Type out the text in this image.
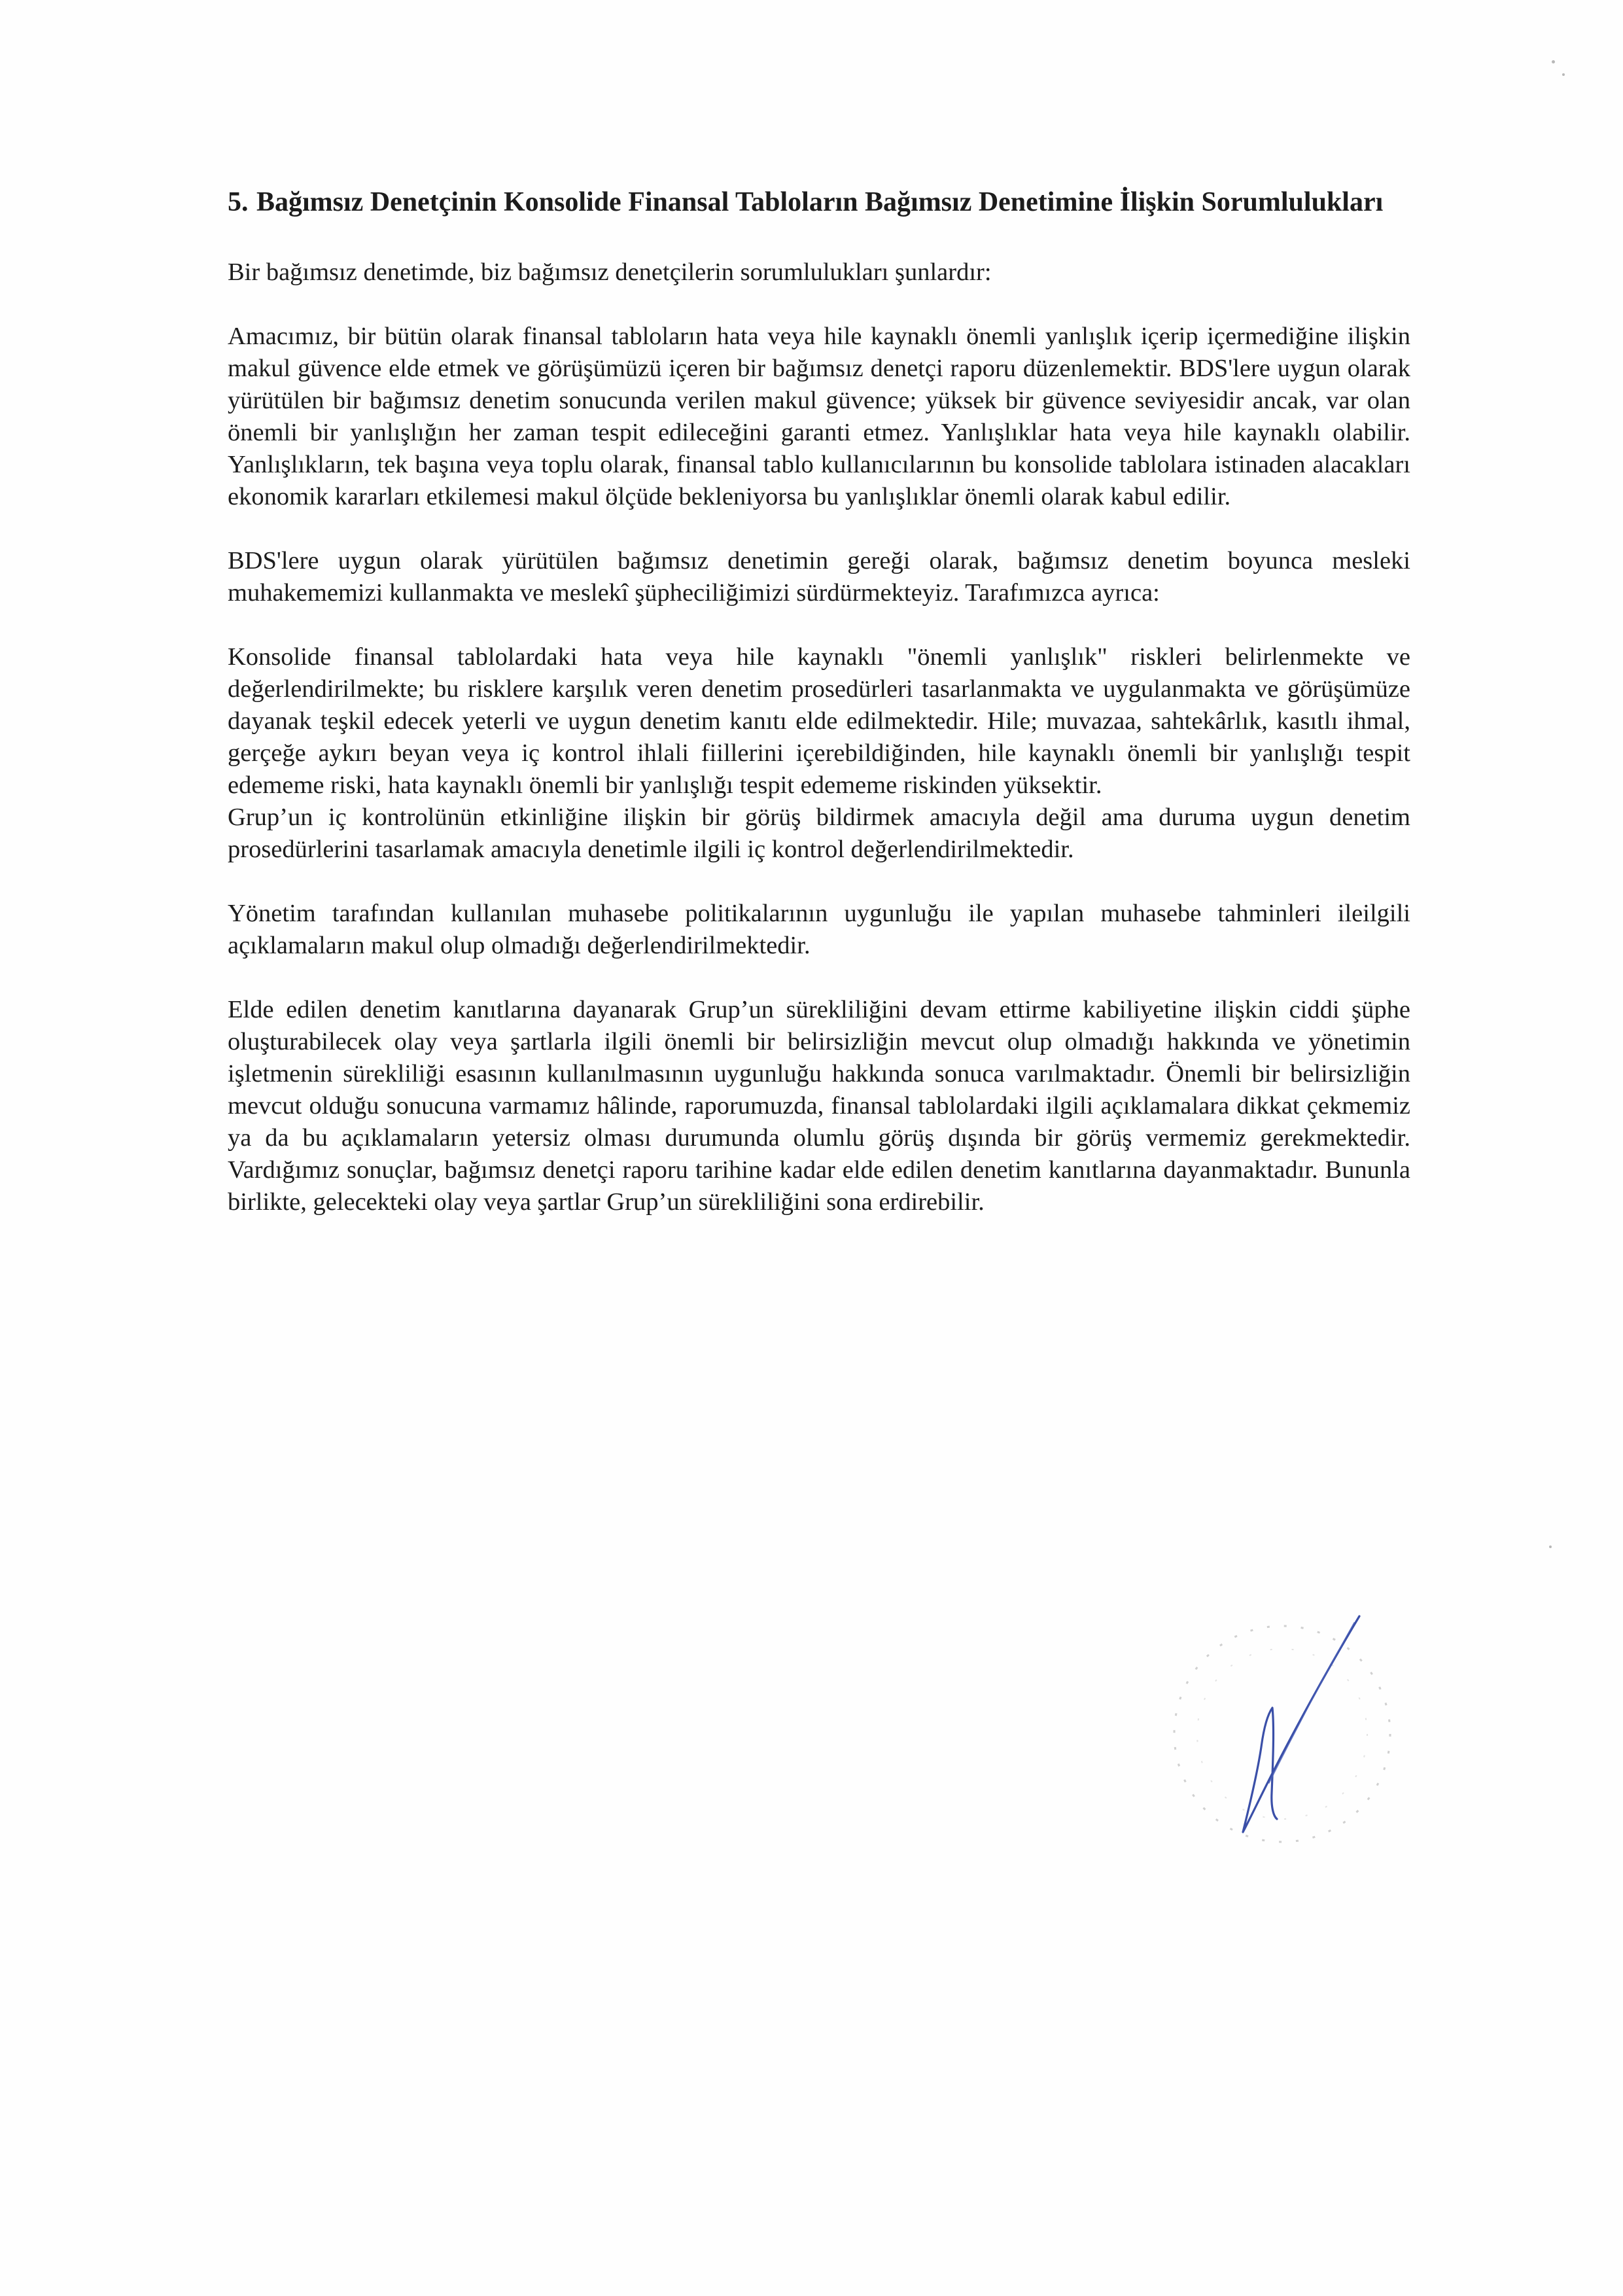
5. Bağımsız Denetçinin Konsolide Finansal Tabloların Bağımsız Denetimine İlişkin Sorumlulukları

Bir bağımsız denetimde, biz bağımsız denetçilerin sorumlulukları şunlardır:

Amacımız, bir bütün olarak finansal tabloların hata veya hile kaynaklı önemli yanlışlık içerip içermediğine ilişkin makul güvence elde etmek ve görüşümüzü içeren bir bağımsız denetçi raporu düzenlemektir. BDS'lere uygun olarak yürütülen bir bağımsız denetim sonucunda verilen makul güvence; yüksek bir güvence seviyesidir ancak, var olan önemli bir yanlışlığın her zaman tespit edileceğini garanti etmez. Yanlışlıklar hata veya hile kaynaklı olabilir. Yanlışlıkların, tek başına veya toplu olarak, finansal tablo kullanıcılarının bu konsolide tablolara istinaden alacakları ekonomik kararları etkilemesi makul ölçüde bekleniyorsa bu yanlışlıklar önemli olarak kabul edilir.

BDS'lere uygun olarak yürütülen bağımsız denetimin gereği olarak, bağımsız denetim boyunca mesleki muhakememizi kullanmakta ve meslekî şüpheciliğimizi sürdürmekteyiz. Tarafımızca ayrıca:

Konsolide finansal tablolardaki hata veya hile kaynaklı "önemli yanlışlık" riskleri belirlenmekte ve değerlendirilmekte; bu risklere karşılık veren denetim prosedürleri tasarlanmakta ve uygulanmakta ve görüşümüze dayanak teşkil edecek yeterli ve uygun denetim kanıtı elde edilmektedir. Hile; muvazaa, sahtekârlık, kasıtlı ihmal, gerçeğe aykırı beyan veya iç kontrol ihlali fiillerini içerebildiğinden, hile kaynaklı önemli bir yanlışlığı tespit edememe riski, hata kaynaklı önemli bir yanlışlığı tespit edememe riskinden yüksektir.

Grup’un iç kontrolünün etkinliğine ilişkin bir görüş bildirmek amacıyla değil ama duruma uygun denetim prosedürlerini tasarlamak amacıyla denetimle ilgili iç kontrol değerlendirilmektedir.

Yönetim tarafından kullanılan muhasebe politikalarının uygunluğu ile yapılan muhasebe tahminleri ileilgili açıklamaların makul olup olmadığı değerlendirilmektedir.

Elde edilen denetim kanıtlarına dayanarak Grup’un sürekliliğini devam ettirme kabiliyetine ilişkin ciddi şüphe oluşturabilecek olay veya şartlarla ilgili önemli bir belirsizliğin mevcut olup olmadığı hakkında ve yönetimin işletmenin sürekliliği esasının kullanılmasının uygunluğu hakkında sonuca varılmaktadır. Önemli bir belirsizliğin mevcut olduğu sonucuna varmamız hâlinde, raporumuzda, finansal tablolardaki ilgili açıklamalara dikkat çekmemiz ya da bu açıklamaların yetersiz olması durumunda olumlu görüş dışında bir görüş vermemiz gerekmektedir. Vardığımız sonuçlar, bağımsız denetçi raporu tarihine kadar elde edilen denetim kanıtlarına dayanmaktadır. Bununla birlikte, gelecekteki olay veya şartlar Grup’un sürekliliğini sona erdirebilir.
